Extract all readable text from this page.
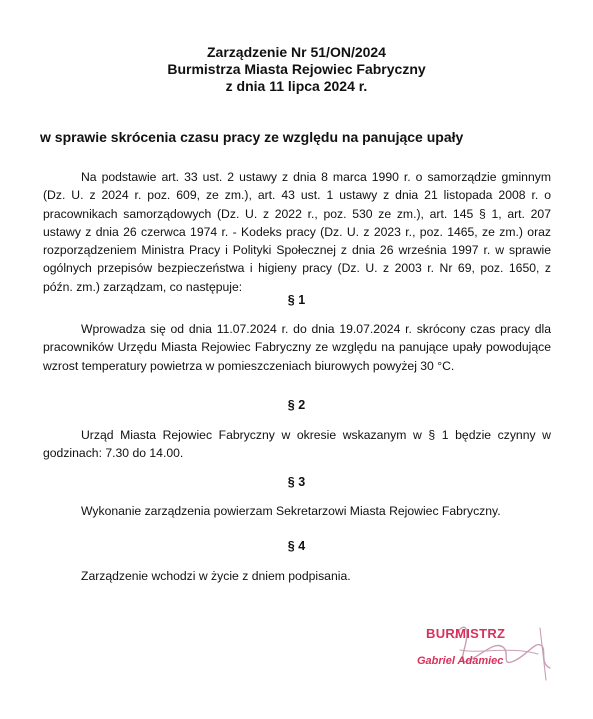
Zarządzenie Nr 51/ON/2024
Burmistrza Miasta Rejowiec Fabryczny
z dnia 11 lipca 2024 r.
w sprawie skrócenia czasu pracy ze względu na panujące upały
Na podstawie art. 33 ust. 2 ustawy z dnia 8 marca 1990 r. o samorządzie gminnym (Dz. U. z 2024 r. poz. 609, ze zm.), art. 43 ust. 1 ustawy z dnia 21 listopada 2008 r. o pracownikach samorządowych (Dz. U. z 2022 r., poz. 530 ze zm.), art. 145 § 1, art. 207 ustawy z dnia 26 czerwca 1974 r. - Kodeks pracy (Dz. U. z 2023 r., poz. 1465, ze zm.) oraz rozporządzeniem Ministra Pracy i Polityki Społecznej z dnia 26 września 1997 r. w sprawie ogólnych przepisów bezpieczeństwa i higieny pracy (Dz. U. z 2003 r. Nr 69, poz. 1650, z późn. zm.) zarządzam, co następuje:
§ 1
Wprowadza się od dnia 11.07.2024 r. do dnia 19.07.2024 r. skrócony czas pracy dla pracowników Urzędu Miasta Rejowiec Fabryczny ze względu na panujące upały powodujące wzrost temperatury powietrza w pomieszczeniach biurowych powyżej 30 °C.
§ 2
Urząd Miasta Rejowiec Fabryczny w okresie wskazanym w § 1 będzie czynny w godzinach: 7.30 do 14.00.
§ 3
Wykonanie zarządzenia powierzam Sekretarzowi Miasta Rejowiec Fabryczny.
§ 4
Zarządzenie wchodzi w życie z dniem podpisania.
BURMISTRZ
Gabriel Adamiec
